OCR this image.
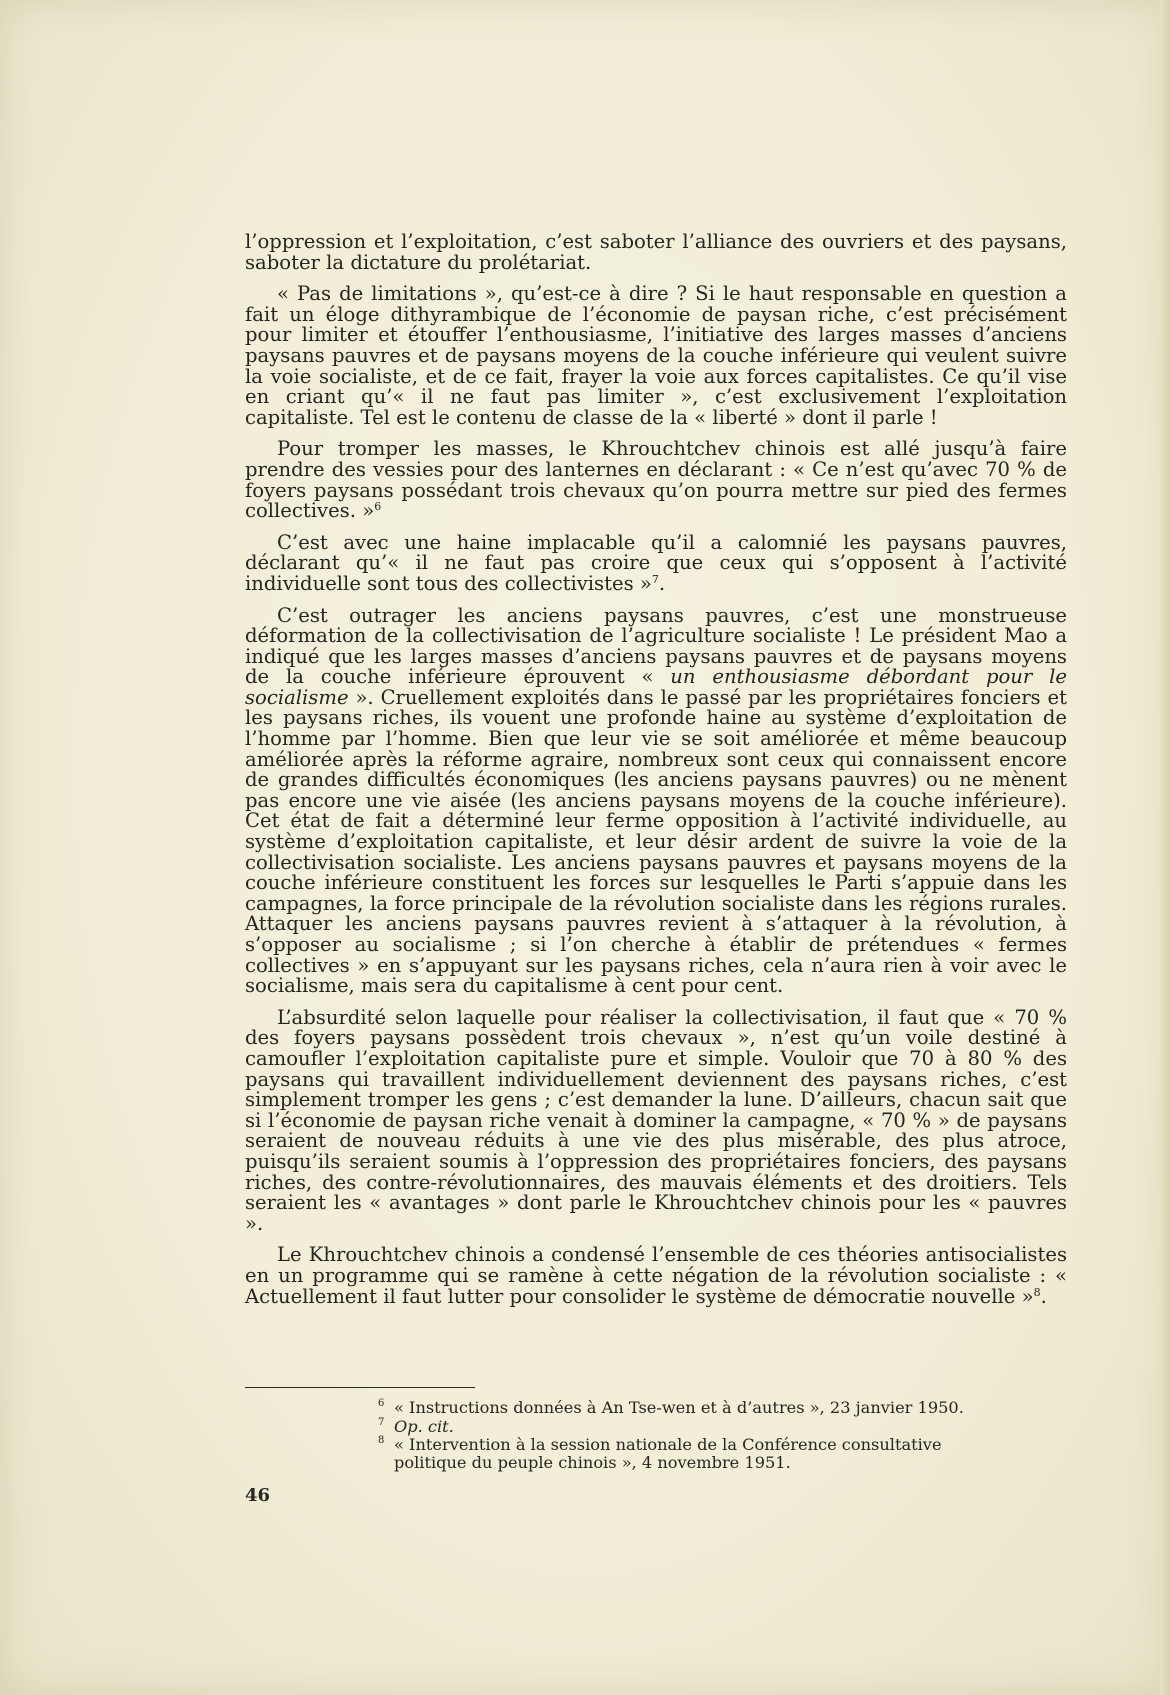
l’oppression et l’exploitation, c’est saboter l’alliance des ouvriers et des paysans, saboter la dictature du prolétariat.

« Pas de limitations », qu’est-ce à dire ? Si le haut responsable en question a fait un éloge dithyrambique de l’économie de paysan riche, c’est précisément pour limiter et étouffer l’enthousiasme, l’initiative des larges masses d’anciens paysans pauvres et de paysans moyens de la couche inférieure qui veulent suivre la voie socialiste, et de ce fait, frayer la voie aux forces capitalistes. Ce qu’il vise en criant qu’« il ne faut pas limiter », c’est exclusivement l’exploitation capitaliste. Tel est le contenu de classe de la « liberté » dont il parle !

Pour tromper les masses, le Khrouchtchev chinois est allé jusqu’à faire prendre des vessies pour des lanternes en déclarant : « Ce n’est qu’avec 70 % de foyers paysans possédant trois chevaux qu’on pourra mettre sur pied des fermes collectives. »$^6$

C’est avec une haine implacable qu’il a calomnié les paysans pauvres, déclarant qu’« il ne faut pas croire que ceux qui s’opposent à l’activité individuelle sont tous des collectivistes »$^7$.

C’est outrager les anciens paysans pauvres, c’est une monstrueuse déformation de la collectivisation de l’agriculture socialiste ! Le président Mao a indiqué que les larges masses d’anciens paysans pauvres et de paysans moyens de la couche inférieure éprouvent « un enthousiasme débordant pour le socialisme ». Cruellement exploités dans le passé par les propriétaires fonciers et les paysans riches, ils vouent une profonde haine au système d’exploitation de l’homme par l’homme. Bien que leur vie se soit améliorée et même beaucoup améliorée après la réforme agraire, nombreux sont ceux qui connaissent encore de grandes difficultés économiques (les anciens paysans pauvres) ou ne mènent pas encore une vie aisée (les anciens paysans moyens de la couche inférieure). Cet état de fait a déterminé leur ferme opposition à l’activité individuelle, au système d’exploitation capitaliste, et leur désir ardent de suivre la voie de la collectivisation socialiste. Les anciens paysans pauvres et paysans moyens de la couche inférieure constituent les forces sur lesquelles le Parti s’appuie dans les campagnes, la force principale de la révolution socialiste dans les régions rurales. Attaquer les anciens paysans pauvres revient à s’attaquer à la révolution, à s’opposer au socialisme ; si l’on cherche à établir de prétendues « fermes collectives » en s’appuyant sur les paysans riches, cela n’aura rien à voir avec le socialisme, mais sera du capitalisme à cent pour cent.

L’absurdité selon laquelle pour réaliser la collectivisation, il faut que « 70 % des foyers paysans possèdent trois chevaux », n’est qu’un voile destiné à camoufler l’exploitation capitaliste pure et simple. Vouloir que 70 à 80 % des paysans qui travaillent individuellement deviennent des paysans riches, c’est simplement tromper les gens ; c’est demander la lune. D’ailleurs, chacun sait que si l’économie de paysan riche venait à dominer la campagne, « 70 % » de paysans seraient de nouveau réduits à une vie des plus misérable, des plus atroce, puisqu’ils seraient soumis à l’oppression des propriétaires fonciers, des paysans riches, des contre-révolutionnaires, des mauvais éléments et des droitiers. Tels seraient les « avantages » dont parle le Khrouchtchev chinois pour les « pauvres ».

Le Khrouchtchev chinois a condensé l’ensemble de ces théories antisocialistes en un programme qui se ramène à cette négation de la révolution socialiste : « Actuellement il faut lutter pour consolider le système de démocratie nouvelle »$^8$.

6 « Instructions données à An Tse-wen et à d’autres », 23 janvier 1950.
7 Op. cit.
8 « Intervention à la session nationale de la Conférence consultative politique du peuple chinois », 4 novembre 1951.
46
